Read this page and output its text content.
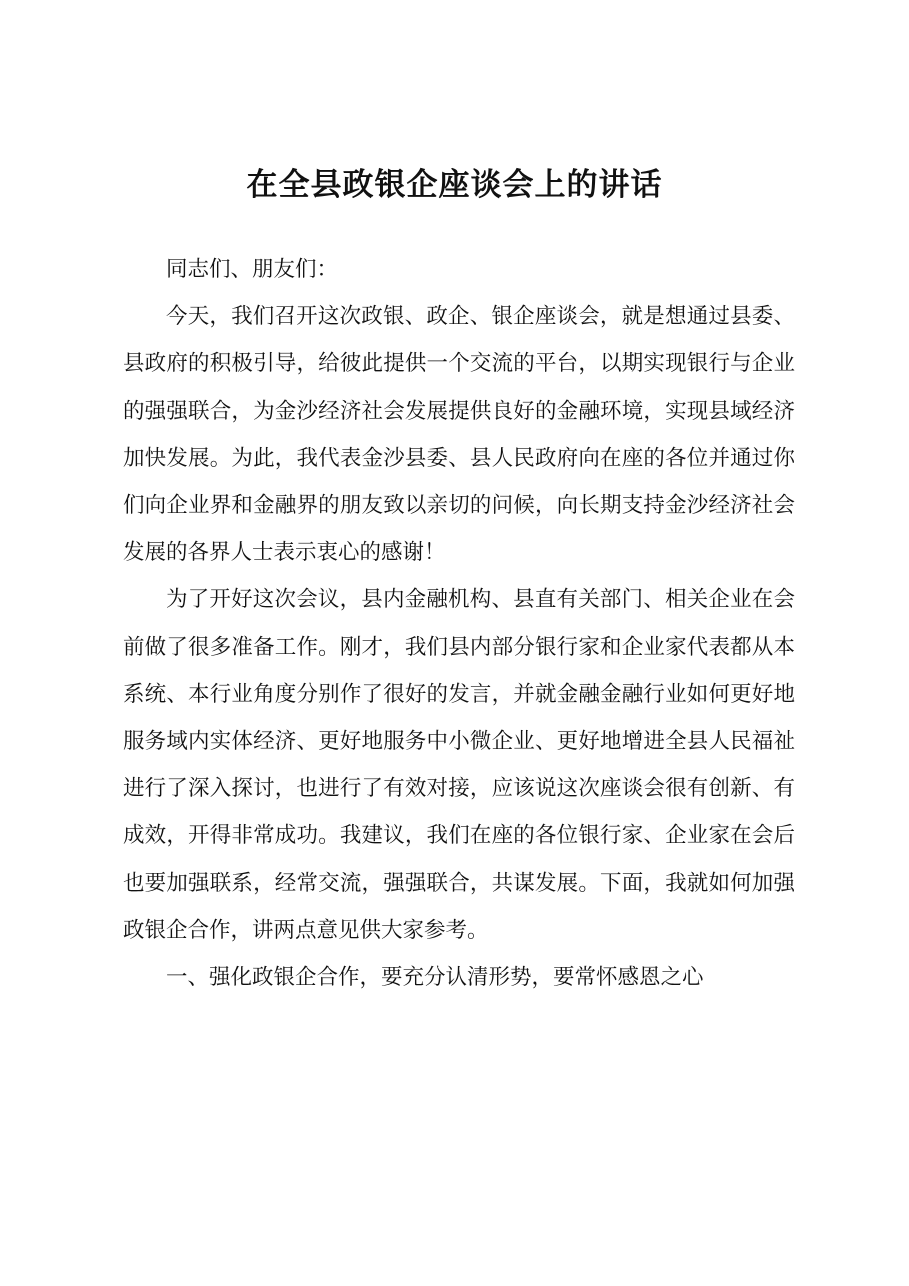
在全县政银企座谈会上的讲话

同志们、朋友们：

今天，我们召开这次政银、政企、银企座谈会，就是想通过县委、县政府的积极引导，给彼此提供一个交流的平台，以期实现银行与企业的强强联合，为金沙经济社会发展提供良好的金融环境，实现县域经济加快发展。为此，我代表金沙县委、县人民政府向在座的各位并通过你们向企业界和金融界的朋友致以亲切的问候，向长期支持金沙经济社会发展的各界人士表示衷心的感谢！

为了开好这次会议，县内金融机构、县直有关部门、相关企业在会前做了很多准备工作。刚才，我们县内部分银行家和企业家代表都从本系统、本行业角度分别作了很好的发言，并就金融金融行业如何更好地服务域内实体经济、更好地服务中小微企业、更好地增进全县人民福祉进行了深入探讨，也进行了有效对接，应该说这次座谈会很有创新、有成效，开得非常成功。我建议，我们在座的各位银行家、企业家在会后也要加强联系，经常交流，强强联合，共谋发展。下面，我就如何加强政银企合作，讲两点意见供大家参考。

一、强化政银企合作，要充分认清形势，要常怀感恩之心
